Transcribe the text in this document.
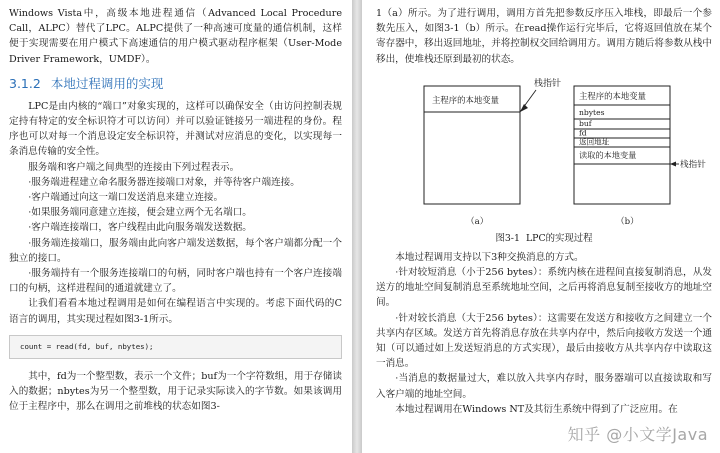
Windows Vista中，高级本地进程通信（Advanced Local Procedure Call，ALPC）替代了LPC。ALPC提供了一种高速可度量的通信机制，这样便于实现需要在用户模式下高速通信的用户模式驱动程序框架（User-Mode Driver Framework，UMDF）。

3.1.2 本地过程调用的实现

LPC是由内核的“端口”对象实现的，这样可以确保安全（由访问控制表规定持有特定的安全标识符才可以访问）并可以验证链接另一端进程的身份。程序也可以对每一个消息设定安全标识符，并测试对应消息的变化，以实现每一条消息传输的安全性。

服务端和客户端之间典型的连接由下列过程表示。

·服务端进程建立命名服务器连接端口对象，并等待客户端连接。

·客户端通过向这一端口发送消息来建立连接。

·如果服务端同意建立连接，便会建立两个无名端口。

·客户端连接端口，客户线程由此向服务端发送数据。

·服务端连接端口，服务端由此向客户端发送数据，每个客户端都分配一个独立的接口。

·服务端持有一个服务连接端口的句柄，同时客户端也持有一个客户连接端口的句柄，这样进程间的通道就建立了。

让我们看看本地过程调用是如何在编程语言中实现的。考虑下面代码的C语言的调用，其实现过程如图3-1所示。

count = read(fd, buf, nbytes);

其中，fd为一个整型数，表示一个文件；buf为一个字符数组，用于存储读入的数据；nbytes为另一个整型数，用于记录实际读入的字节数。如果该调用位于主程序中，那么在调用之前堆栈的状态如图3-

1（a）所示。为了进行调用，调用方首先把参数反序压入堆栈，即最后一个参数先压入，如图3-1（b）所示。在read操作运行完毕后，它将返回值放在某个寄存器中，移出返回地址，并将控制权交回给调用方。调用方随后将参数从栈中移出，使堆栈还原到最初的状态。

栈指针
主程序的本地变量
（a）
主程序的本地变量
nbytes
buf
fd
返回地址
读取的本地变量
栈指针
（b）
图3-1 LPC的实现过程

本地过程调用支持以下3种交换消息的方式。

·针对较短消息（小于256 bytes）：系统内核在进程间直接复制消息，从发送方的地址空间复制消息至系统地址空间，之后再将消息复制至接收方的地址空间。

·针对较长消息（大于256 bytes）：这需要在发送方和接收方之间建立一个共享内存区域。发送方首先将消息存放在共享内存中，然后向接收方发送一个通知（可以通过如上发送短消息的方式实现），最后由接收方从共享内存中读取这一消息。

·当消息的数据量过大，难以放入共享内存时，服务器端可以直接读取和写入客户端的地址空间。

本地过程调用在Windows NT及其衍生系统中得到了广泛应用。在

知乎 @小文学Java
